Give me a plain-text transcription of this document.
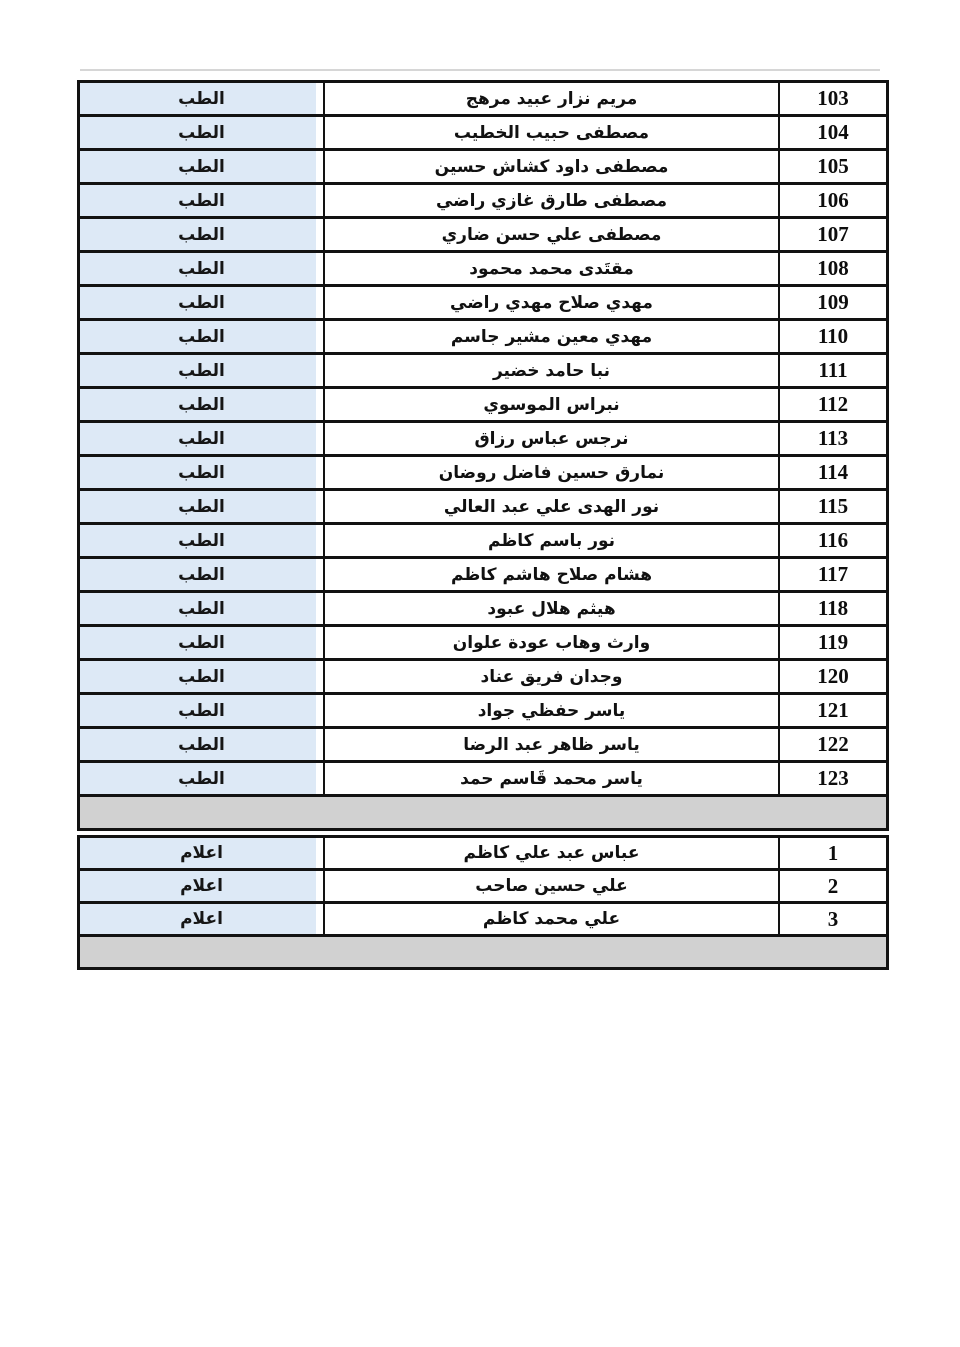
الطب	مريم نزار عبيد مرهج	103
الطب	مصطفى حبيب الخطيب	104
الطب	مصطفى داود كشاش حسين	105
الطب	مصطفى طارق غازي راضي	106
الطب	مصطفى علي حسن ضاري	107
الطب	مقتَدى محمد محمود	108
الطب	مهدي صلاح مهدي راضي	109
الطب	مهدي معين مشير جاسم	110
الطب	نبا حامد خضير	111
الطب	نبراس الموسوي	112
الطب	نرجس عباس رزاق	113
الطب	نمارق حسين فاضل روضان	114
الطب	نور الهدى علي عبد العالي	115
الطب	نور باسم كاظم	116
الطب	هشام صلاح هاشم كاظم	117
الطب	هيثم هلال عبود	118
الطب	وارث وهاب عودة علوان	119
الطب	وجدان فريق عناد	120
الطب	ياسر حفظي جواد	121
الطب	ياسر ظاهر عبد الرضا	122
الطب	ياسر محمد قَاسم حمد	123
اعلام	عباس عبد علي كاظم	1
اعلام	علي حسين صاحب	2
اعلام	علي محمد كاظم	3
